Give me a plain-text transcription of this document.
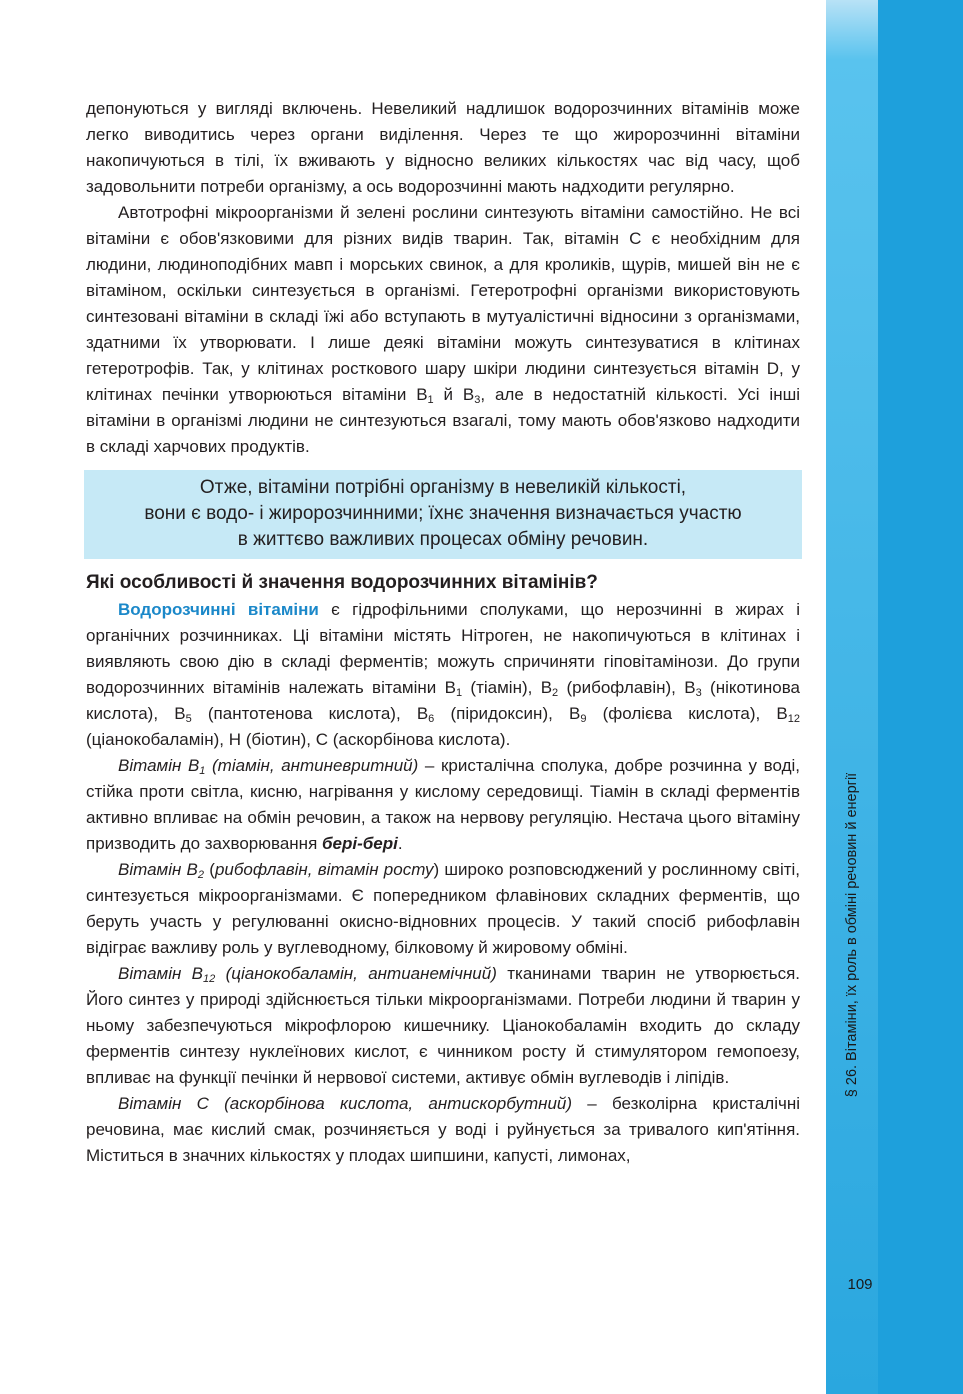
§ 26. Вітаміни, їх роль в обміні речовин й енергії
109

депонуються у вигляді включень. Невеликий надлишок водорозчинних вітамінів може легко виводитись через органи виділення. Через те що жиророзчинні вітаміни накопичуються в тілі, їх вживають у відносно великих кількостях час від часу, щоб задовольнити потреби організму, а ось водорозчинні мають надходити регулярно.

Автотрофні мікроорганізми й зелені рослини синтезують вітаміни самостійно. Не всі вітаміни є обов'язковими для різних видів тварин. Так, вітамін C є необхідним для людини, людиноподібних мавп і морських свинок, а для кроликів, щурів, мишей він не є вітаміном, оскільки синтезується в організмі. Гетеротрофні організми використовують синтезовані вітаміни в складі їжі або вступають в мутуалістичні відносини з організмами, здатними їх утворювати. І лише деякі вітаміни можуть синтезуватися в клітинах гетеротрофів. Так, у клітинах росткового шару шкіри людини синтезується вітамін D, у клітинах печінки утворюються вітаміни $B_1$ й $B_3$, але в недостатній кількості. Усі інші вітаміни в організмі людини не синтезуються взагалі, тому мають обов'язково надходити в складі харчових продуктів.

Отже, вітаміни потрібні організму в невеликій кількості,
вони є водо- і жиророзчинними; їхнє значення визначається участю
в життєво важливих процесах обміну речовин.
Які особливості й значення водорозчинних вітамінів?

Водорозчинні вітаміни є гідрофільними сполуками, що нерозчинні в жирах і органічних розчинниках. Ці вітаміни містять Нітроген, не накопичуються в клітинах і виявляють свою дію в складі ферментів; можуть спричиняти гіповітамінози. До групи водорозчинних вітамінів належать вітаміни $B_1$ (тіамін), $B_2$ (рибофлавін), $B_3$ (нікотинова кислота), $B_5$ (пантотенова кислота), $B_6$ (піридоксин), $B_9$ (фолієва кислота), $B_{12}$ (ціанокобаламін), H (біотин), C (аскорбінова кислота).

Вітамін $B_1$ (тіамін, антиневритний) – кристалічна сполука, добре розчинна у воді, стійка проти світла, кисню, нагрівання у кислому середовищі. Тіамін в складі ферментів активно впливає на обмін речовин, а також на нервову регуляцію. Нестача цього вітаміну призводить до захворювання бері-бері.

Вітамін $B_2$ (рибофлавін, вітамін росту) широко розповсюджений у рослинному світі, синтезується мікроорганізмами. Є попередником флавінових складних ферментів, що беруть участь у регулюванні окисно-відновних процесів. У такий спосіб рибофлавін відіграє важливу роль у вуглеводному, білковому й жировому обміні.

Вітамін $B_{12}$ (ціанокобаламін, антианемічний) тканинами тварин не утворюється. Його синтез у природі здійснюється тільки мікроорганізмами. Потреби людини й тварин у ньому забезпечуються мікрофлорою кишечнику. Ціанокобаламін входить до складу ферментів синтезу нуклеїнових кислот, є чинником росту й стимулятором гемопоезу, впливає на функції печінки й нервової системи, активує обмін вуглеводів і ліпідів.

Вітамін C (аскорбінова кислота, антискорбутний) – безколірна кристалічні речовина, має кислий смак, розчиняється у воді і руйнується за тривалого кип'ятіння. Міститься в значних кількостях у плодах шипшини, капусті, лимонах,
